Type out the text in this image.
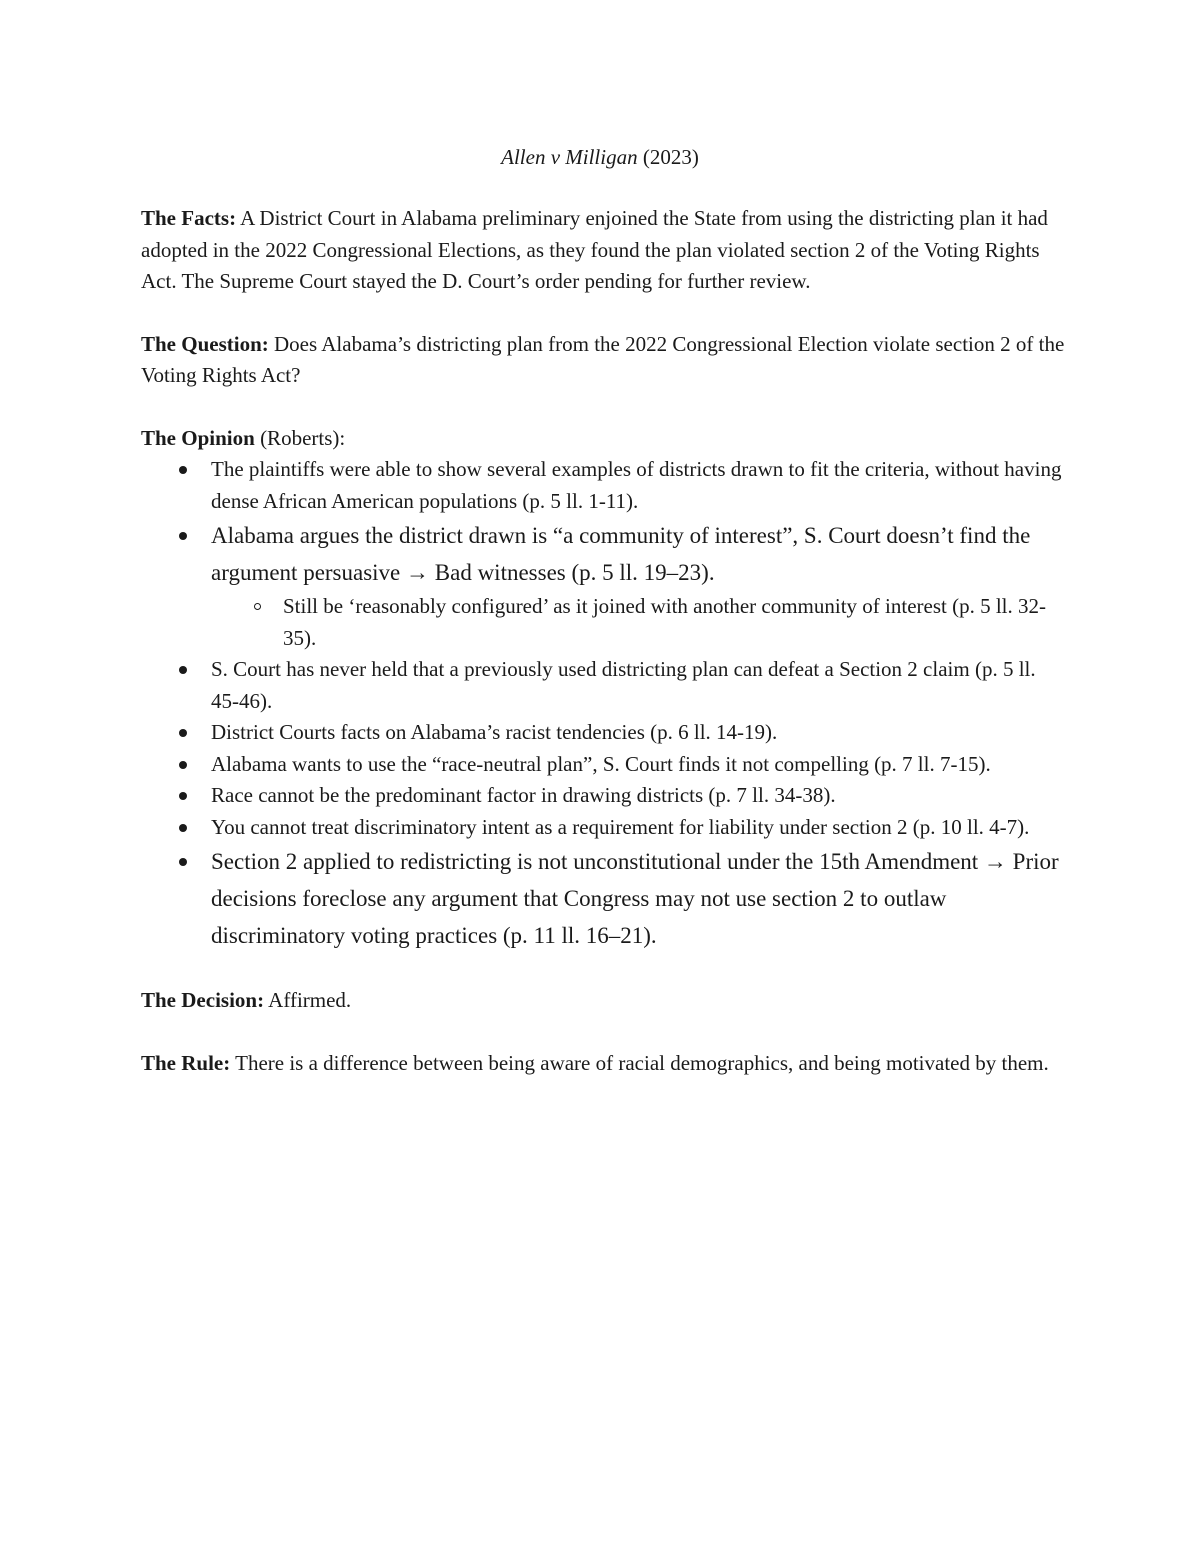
Allen v Milligan (2023)

The Facts: A District Court in Alabama preliminary enjoined the State from using the districting plan it had adopted in the 2022 Congressional Elections, as they found the plan violated section 2 of the Voting Rights Act. The Supreme Court stayed the D. Court’s order pending for further review.

The Question: Does Alabama’s districting plan from the 2022 Congressional Election violate section 2 of the Voting Rights Act?

The Opinion (Roberts):
The plaintiffs were able to show several examples of districts drawn to fit the criteria, without having dense African American populations (p. 5 ll. 1-11).
Alabama argues the district drawn is “a community of interest”, S. Court doesn’t find the argument persuasive → Bad witnesses (p. 5 ll. 19–23).
Still be ‘reasonably configured’ as it joined with another community of interest (p. 5 ll. 32-35).
S. Court has never held that a previously used districting plan can defeat a Section 2 claim (p. 5 ll. 45-46).
District Courts facts on Alabama’s racist tendencies (p. 6 ll. 14-19).
Alabama wants to use the “race-neutral plan”, S. Court finds it not compelling (p. 7 ll. 7-15).
Race cannot be the predominant factor in drawing districts (p. 7 ll. 34-38).
You cannot treat discriminatory intent as a requirement for liability under section 2 (p. 10 ll. 4-7).
Section 2 applied to redistricting is not unconstitutional under the 15th Amendment → Prior decisions foreclose any argument that Congress may not use section 2 to outlaw discriminatory voting practices (p. 11 ll. 16–21).

The Decision: Affirmed.

The Rule: There is a difference between being aware of racial demographics, and being motivated by them.
